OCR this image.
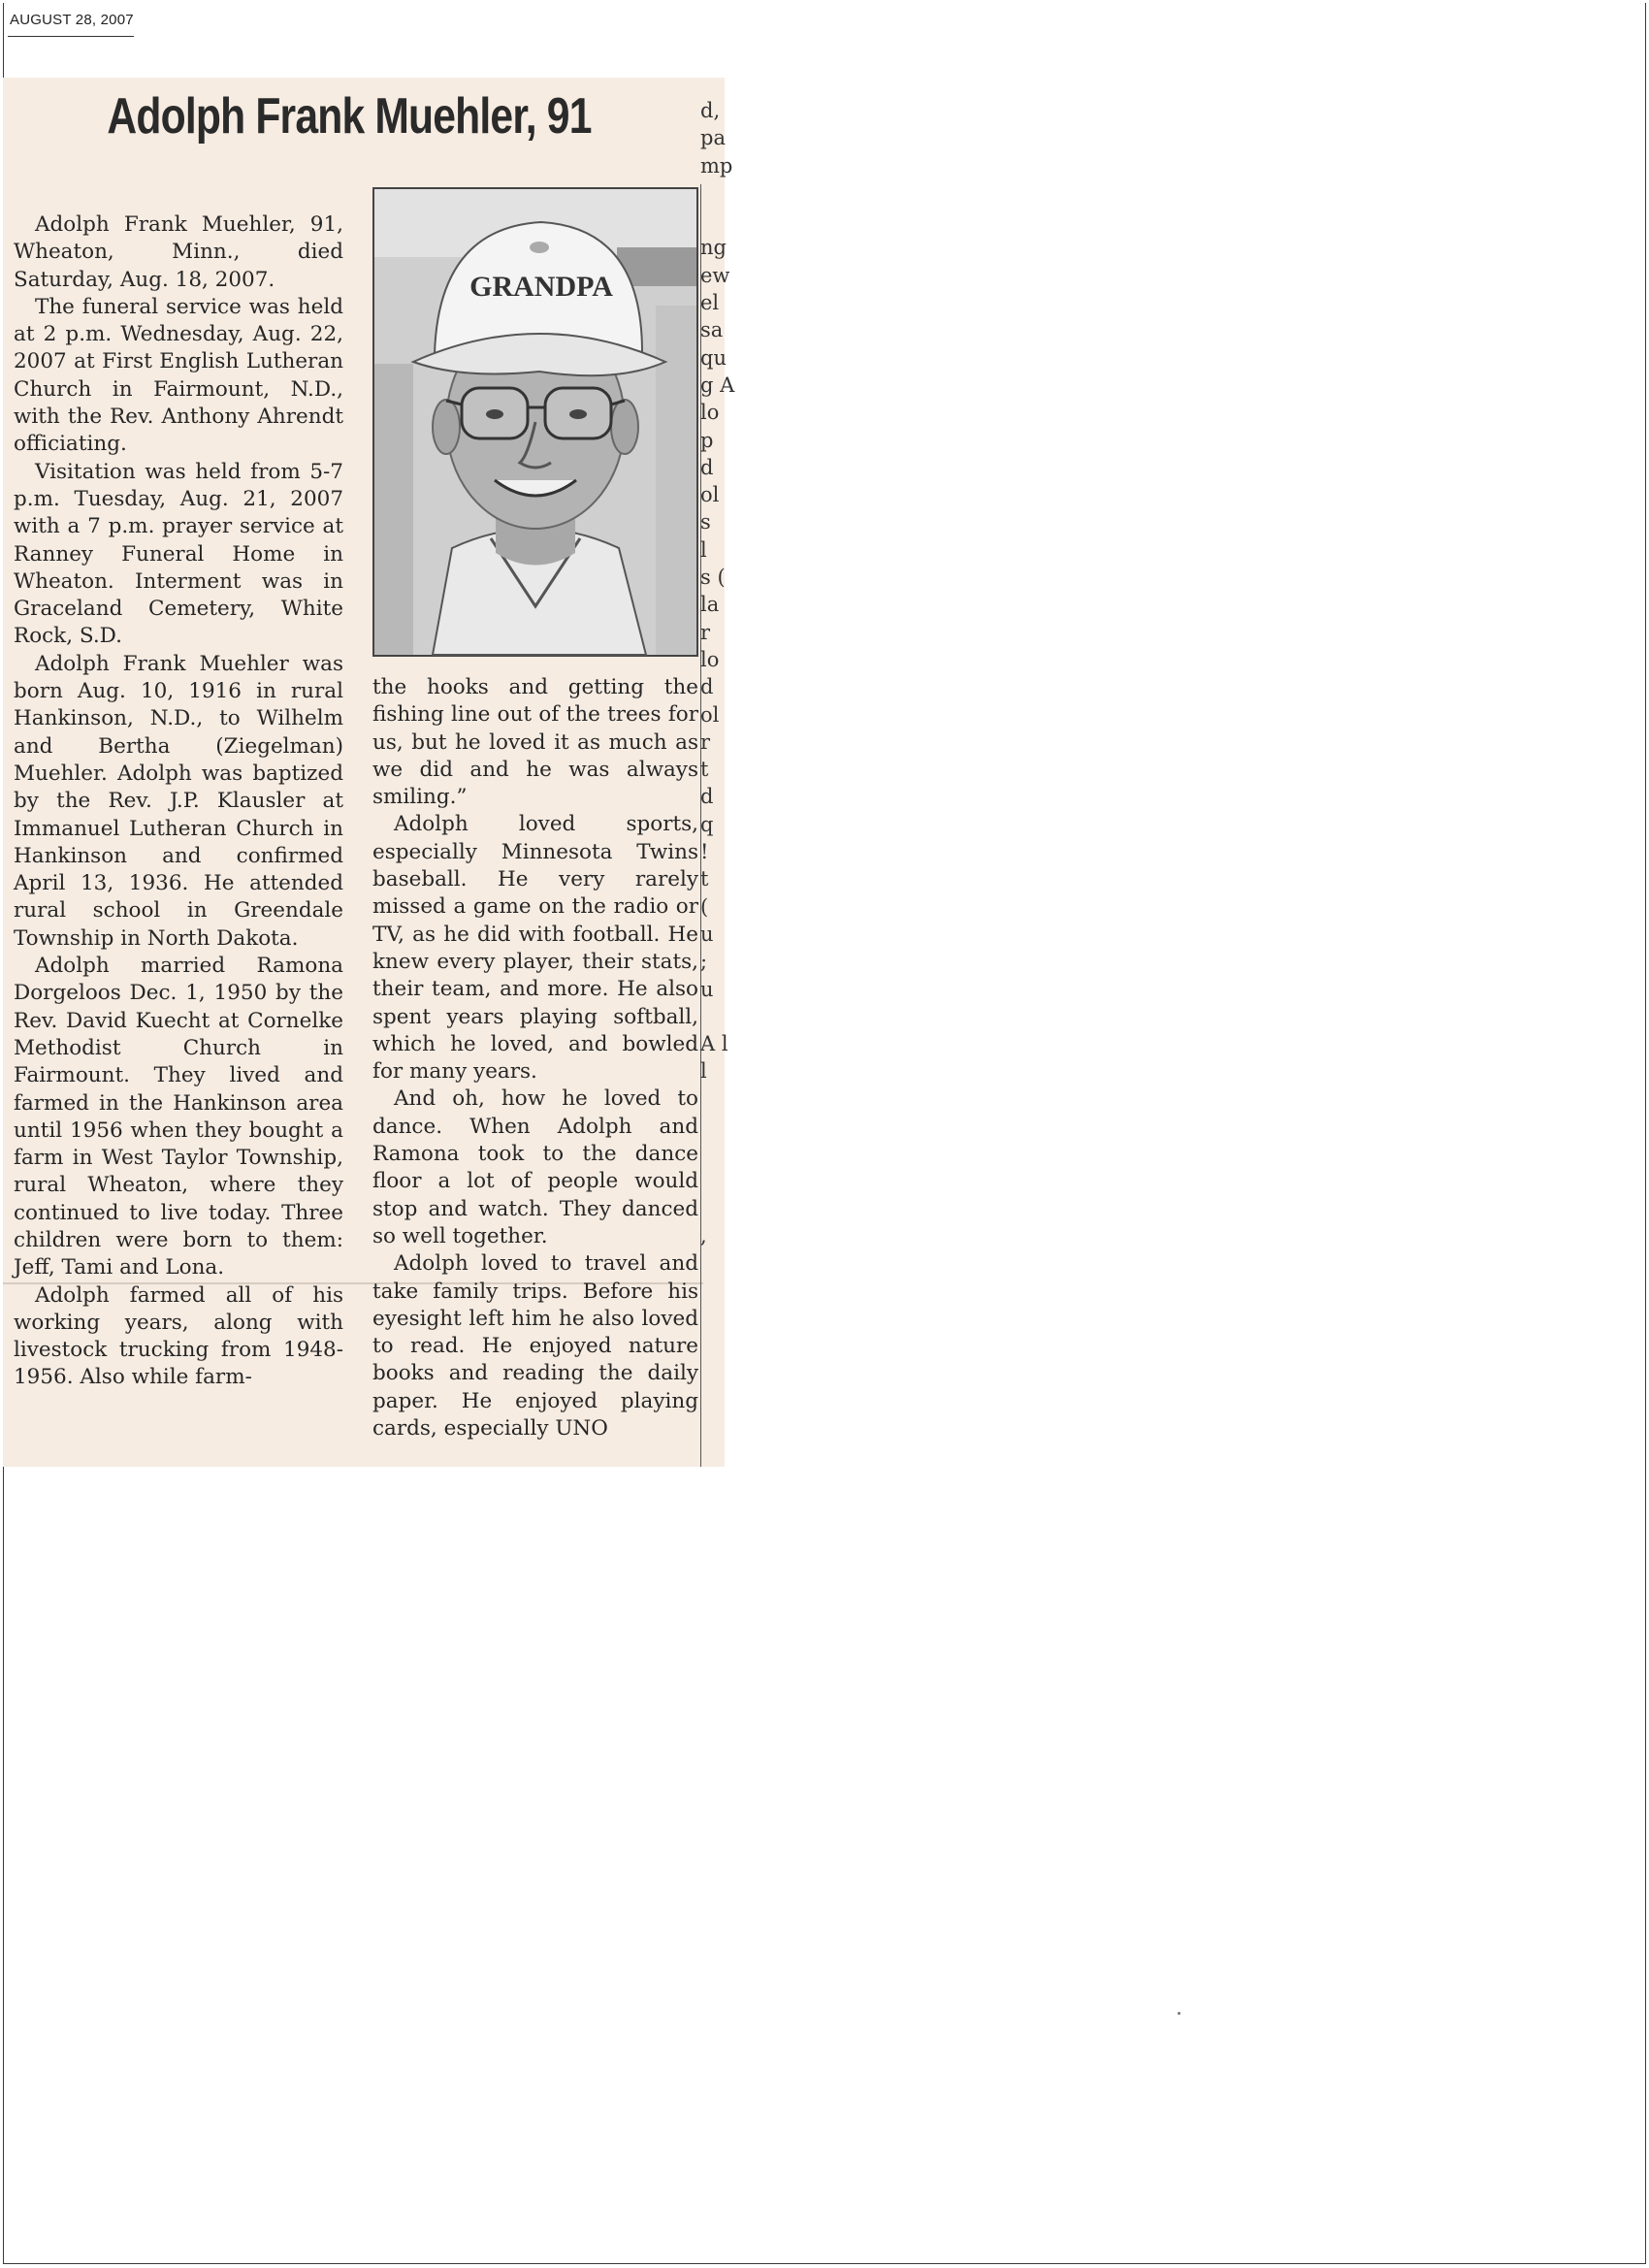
AUGUST 28, 2007
Adolph Frank Muehler, 91
GRANDPA

Adolph Frank Muehler, 91, Wheaton, Minn., died Saturday, Aug. 18, 2007.

The funeral service was held at 2 p.m. Wednesday, Aug. 22, 2007 at First English Lutheran Church in Fairmount, N.D., with the Rev. Anthony Ahrendt officiating.

Visitation was held from 5-7 p.m. Tuesday, Aug. 21, 2007 with a 7 p.m. prayer service at Ranney Funeral Home in Wheaton. Interment was in Graceland Cemetery, White Rock, S.D.

Adolph Frank Muehler was born Aug. 10, 1916 in rural Hankinson, N.D., to Wilhelm and Bertha (Ziegelman) Muehler. Adolph was baptized by the Rev. J.P. Klausler at Immanuel Lutheran Church in Hankinson and confirmed April 13, 1936. He attended rural school in Greendale Township in North Dakota.

Adolph married Ramona Dorgeloos Dec. 1, 1950 by the Rev. David Kuecht at Cornelke Methodist Church in Fairmount. They lived and farmed in the Hankinson area until 1956 when they bought a farm in West Taylor Township, rural Wheaton, where they continued to live today. Three children were born to them: Jeff, Tami and Lona.

Adolph farmed all of his working years, along with livestock trucking from 1948-1956. Also while farm-

the hooks and getting the fishing line out of the trees for us, but he loved it as much as we did and he was always smiling.”

Adolph loved sports, especially Minnesota Twins baseball. He very rarely missed a game on the radio or TV, as he did with football. He knew every player, their stats, their team, and more. He also spent years playing softball, which he loved, and bowled for many years.

And oh, how he loved to dance. When Adolph and Ramona took to the dance floor a lot of people would stop and watch. They danced so well together.

Adolph loved to travel and take family trips. Before his eyesight left him he also loved to read. He enjoyed nature books and reading the daily paper. He enjoyed playing cards, especially UNO

d,
pa
mp

ng
ew
el
sa
qu
g A
lo
p
d
ol
s
l
s (
la
r
lo
d
ol
r
t
d
q
!
t
(
u
;
u

A l
l

,
